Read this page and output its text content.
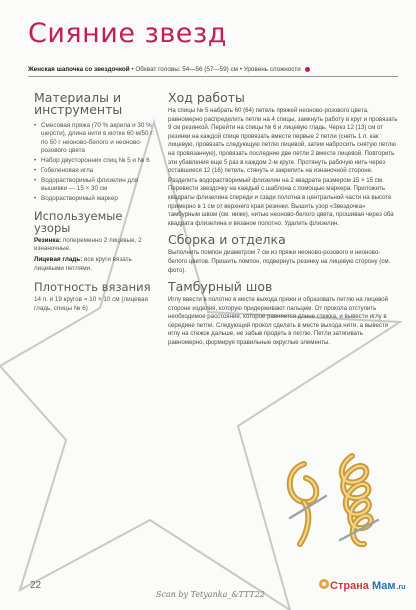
Сияние звезд
Женская шапочка со звездочкой • Обхват головы: 54—56 (57—59) см • Уровень сложности
Материалы и инструменты
• Смесовая пряжа (70 % акрила и 30 % шерсти), длина нити в мотке 60 м/50 г: по 50 г неоново-белого и неоново-розового цвета
• Набор двусторонних спиц № 5 и № 6
• Гобеленовая игла
• Водорастворимый флизелин для вышивки — 15 × 30 см
• Водорастворимый маркер
Используемые узоры

Резинка: попеременно 2 лицевые, 2 изнаночные.

Лицевая гладь: все круги вязать лицевыми петлями.

Плотность вязания

14 п. и 19 кругов = 10 × 10 см (лицевая гладь, спицы № 6)

Ход работы

На спицы № 5 набрать 60 (64) петель пряжей неоново-розового цвета, равномерно распределить петли на 4 спицы, замкнуть работу в круг и провязать 9 см резинкой. Перейти на спицы № 6 и лицевую гладь. Через 12 (13) см от резинки на каждой спице провязать вместе первые 2 петли (снять 1 п. как лицевую, провязать следующую петлю лицевой, затем набросить снятую петлю на провязанную), провязать последние две петли 2 вместе лицевой. Повторить эти убавления еще 5 раз в каждом 2-м круге. Протянуть рабочую нить через оставшиеся 12 (16) петель, стянуть и закрепить на изнаночной стороне.

Разделить водорастворимый флизелин на 2 квадрата размером 15 × 15 см. Перевести звездочку на каждый с шаблона с помощью маркера. Приложить квадраты флизелина спереди и сзади полотна в центральной части на высоте примерно в 1 см от верхнего края резинки. Вышить узор «Звездочка» тамбурным швом (см. ниже), нитью неоново-белого цвета, прошивая через оба квадрата флизелина и вязаное полотно. Удалить флизелин.

Сборка и отделка

Выполнить помпон диаметром 7 см из пряжи неоново-розового и неоново-белого цветов. Пришить помпон, подвернуть резинку на лицевую сторону (см. фото).

Тамбурный шов

Иглу ввести в полотно в месте выхода пряжи и образовать петлю на лицевой стороне изделия, которую придерживают пальцем. От прокола отступить необходимое расстояние, которое равняется длине стежка, и вывести иглу в середине петли. Следующий прокол сделать в месте выхода нити, а вывести иглу на стежок дальше, не забыв продеть в петлю. Петли затягивать равномерно, формируя правильные округлые элементы.

22
Scan by Tetyanka_&TTT22
Страна Мам.ru
